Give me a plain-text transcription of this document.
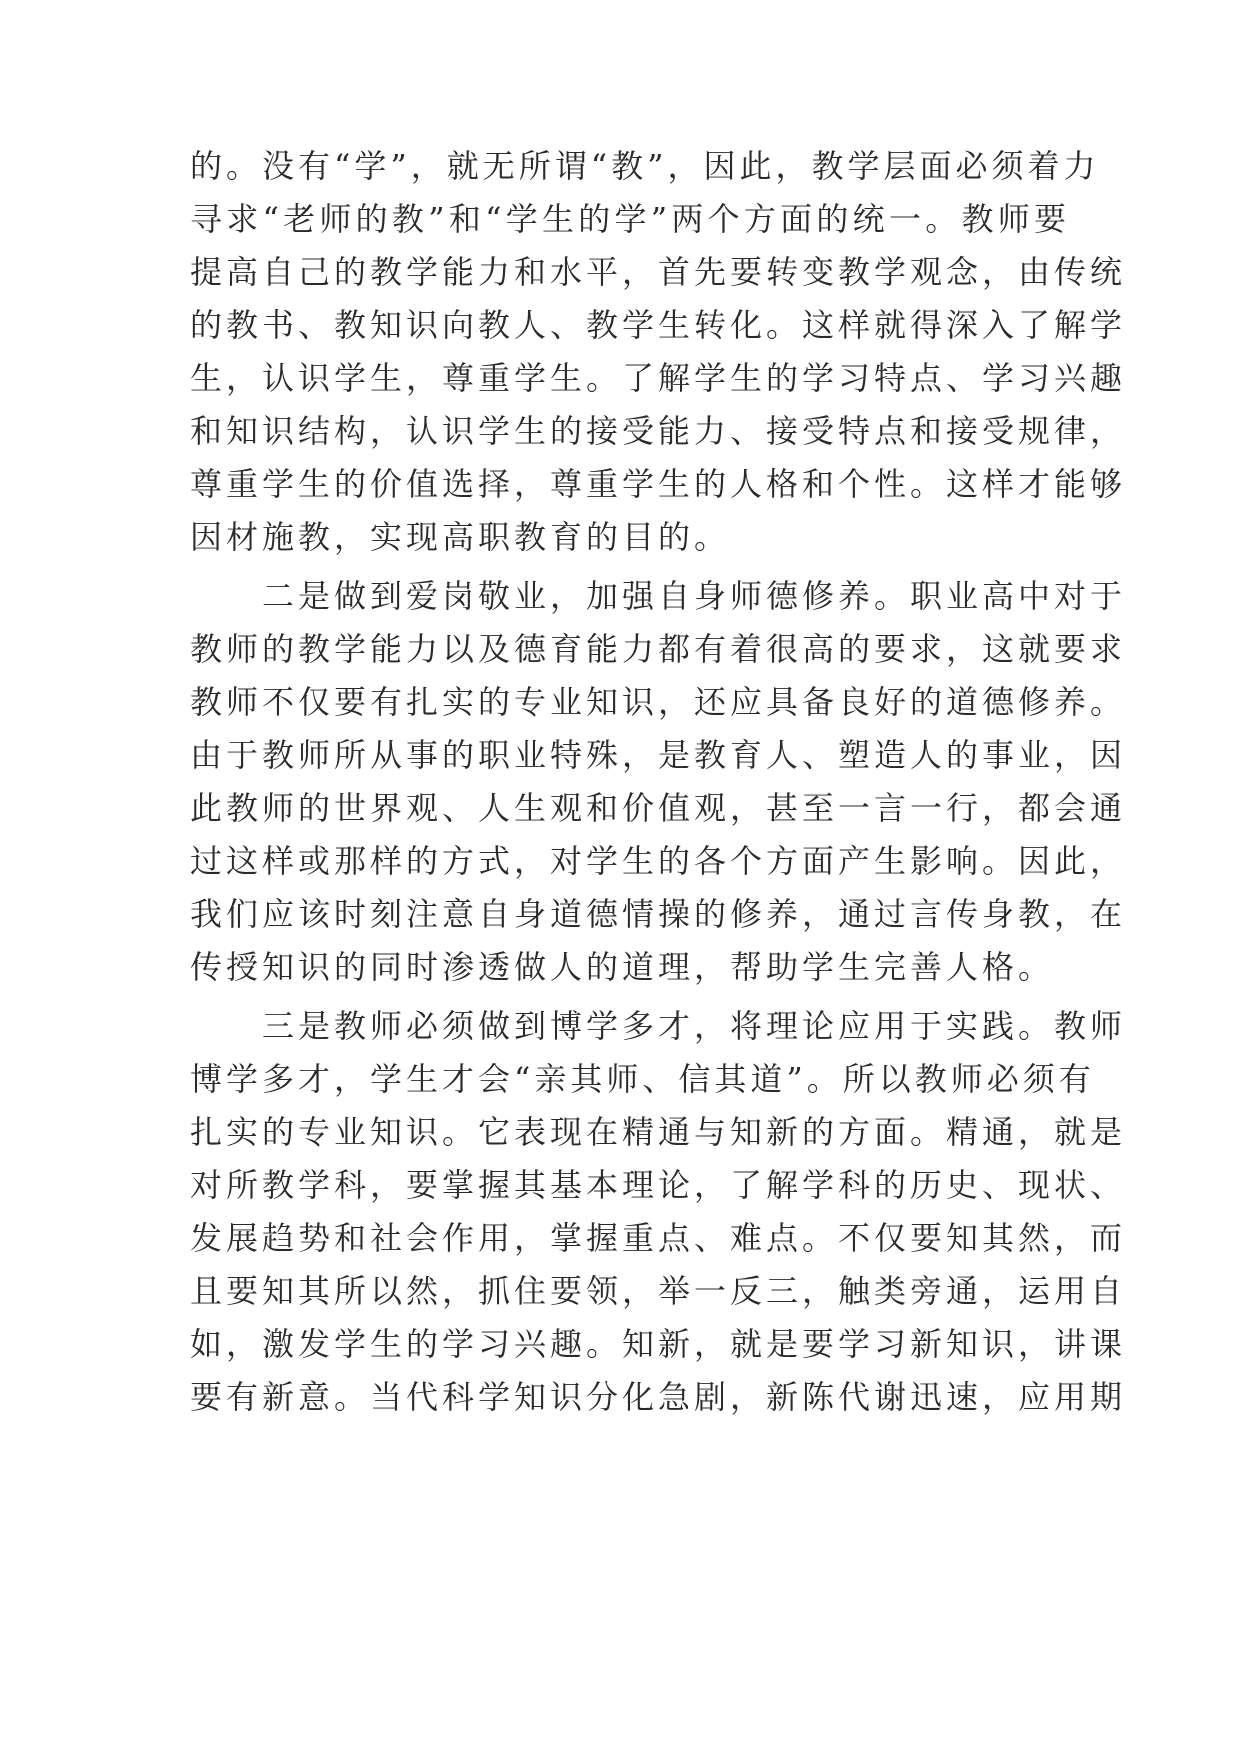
的。没有“学”，就无所谓“教”，因此，教学层面必须着力
寻求“老师的教”和“学生的学”两个方面的统一。教师要
提高自己的教学能力和水平，首先要转变教学观念，由传统
的教书、教知识向教人、教学生转化。这样就得深入了解学
生，认识学生，尊重学生。了解学生的学习特点、学习兴趣
和知识结构，认识学生的接受能力、接受特点和接受规律，
尊重学生的价值选择，尊重学生的人格和个性。这样才能够
因材施教，实现高职教育的目的。
二是做到爱岗敬业，加强自身师德修养。职业高中对于
教师的教学能力以及德育能力都有着很高的要求，这就要求
教师不仅要有扎实的专业知识，还应具备良好的道德修养。
由于教师所从事的职业特殊，是教育人、塑造人的事业，因
此教师的世界观、人生观和价值观，甚至一言一行，都会通
过这样或那样的方式，对学生的各个方面产生影响。因此，
我们应该时刻注意自身道德情操的修养，通过言传身教，在
传授知识的同时渗透做人的道理，帮助学生完善人格。
三是教师必须做到博学多才，将理论应用于实践。教师
博学多才，学生才会“亲其师、信其道”。所以教师必须有
扎实的专业知识。它表现在精通与知新的方面。精通，就是
对所教学科，要掌握其基本理论，了解学科的历史、现状、
发展趋势和社会作用，掌握重点、难点。不仅要知其然，而
且要知其所以然，抓住要领，举一反三，触类旁通，运用自
如，激发学生的学习兴趣。知新，就是要学习新知识，讲课
要有新意。当代科学知识分化急剧，新陈代谢迅速，应用期
